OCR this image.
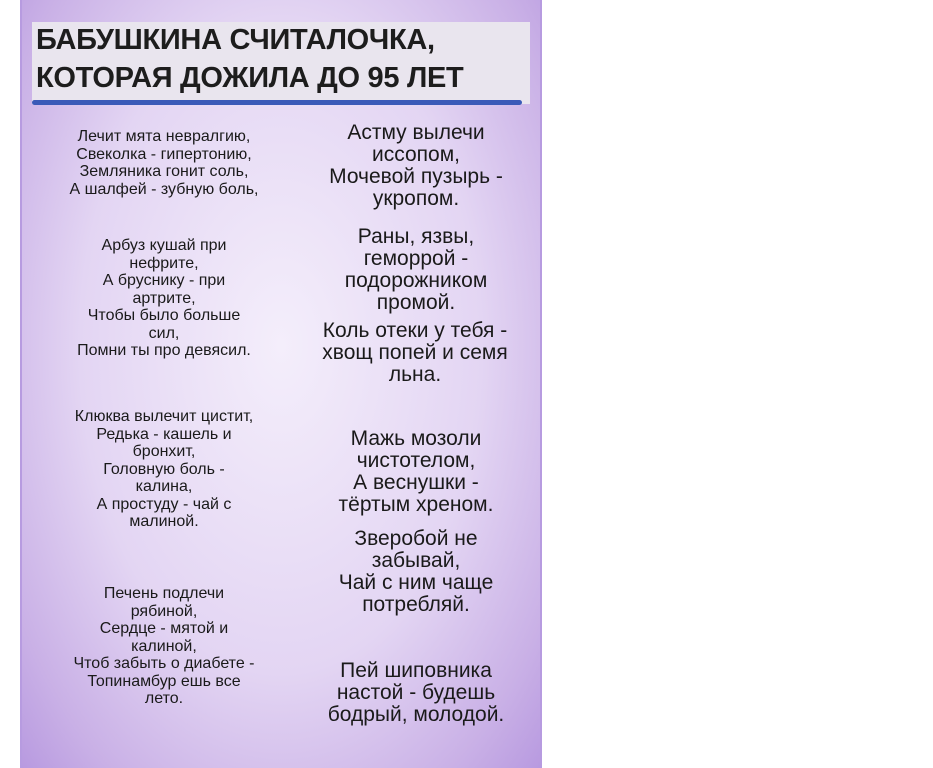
БАБУШКИНА СЧИТАЛОЧКА,
КОТОРАЯ ДОЖИЛА ДО 95 ЛЕТ
Лечит мята невралгию,
Свеколка - гипертонию,
Земляника гонит соль,
А шалфей - зубную боль,
Арбуз кушай при
нефрите,
А бруснику - при
артрите,
Чтобы было больше
сил,
Помни ты про девясил.
Клюква вылечит цистит,
Редька - кашель и
бронхит,
Головную боль -
калина,
А простуду - чай с
малиной.
Печень подлечи
рябиной,
Сердце - мятой и
калиной,
Чтоб забыть о диабете -
Топинамбур ешь все
лето.
Астму вылечи
иссопом,
Мочевой пузырь -
укропом.
Раны, язвы,
геморрой -
подорожником
промой.
Коль отеки у тебя -
хвощ попей и семя
льна.
Мажь мозоли
чистотелом,
А веснушки -
тёртым хреном.
Зверобой не
забывай,
Чай с ним чаще
потребляй.
Пей шиповника
настой - будешь
бодрый, молодой.
